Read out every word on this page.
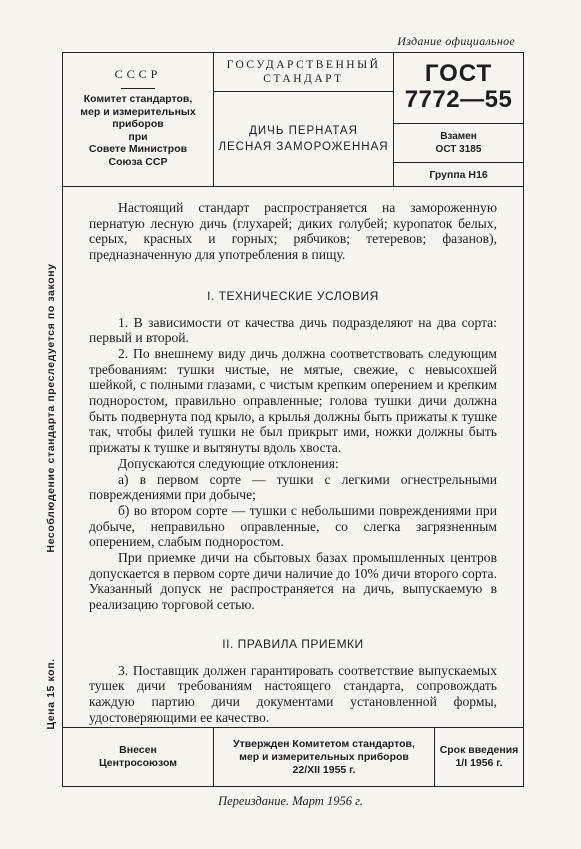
Издание официальное
Несоблюдение стандарта преследуется по закону
Цена 15 коп.
СССР
Комитет стандартов,
мер и измерительных
приборов
при
Совете Министров
Союза ССР
ГОСУДАРСТВЕННЫЙ
СТАНДАРТ
ДИЧЬ ПЕРНАТАЯ
ЛЕСНАЯ ЗАМОРОЖЕННАЯ
ГОСТ
7772—55
Взамен
ОСТ 3185
Группа Н16

Настоящий стандарт распространяется на замороженную пернатую лесную дичь (глухарей; диких голубей; куропаток белых, серых, красных и горных; рябчиков; тетеревов; фазанов), предназначенную для употребления в пищу.

I. ТЕХНИЧЕСКИЕ УСЛОВИЯ

1. В зависимости от качества дичь подразделяют на два сорта: первый и второй.

2. По внешнему виду дичь должна соответствовать следующим требованиям: тушки чистые, не мятые, свежие, с невысохшей шейкой, с полными глазами, с чистым крепким оперением и крепким подноростом, правильно оправленные; голова тушки дичи должна быть подвернута под крыло, а крылья должны быть прижаты к тушке так, чтобы филей тушки не был прикрыт ими, ножки должны быть прижаты к тушке и вытянуты вдоль хвоста.

Допускаются следующие отклонения:

а) в первом сорте — тушки с легкими огнестрельными повреждениями при добыче;

б) во втором сорте — тушки с небольшими повреждениями при добыче, неправильно оправленные, со слегка загрязненным оперением, слабым подноростом.

При приемке дичи на сбытовых базах промышленных центров допускается в первом сорте дичи наличие до 10% дичи второго сорта. Указанный допуск не распространяется на дичь, выпускаемую в реализацию торговой сетью.

II. ПРАВИЛА ПРИЕМКИ

3. Поставщик должен гарантировать соответствие выпускаемых тушек дичи требованиям настоящего стандарта, сопровождать каждую партию дичи документами установленной формы, удостоверяющими ее качество.

Внесен
Центросоюзом
Утвержден Комитетом стандартов,
мер и измерительных приборов
22/XII 1955 г.
Срок введения
1/I 1956 г.
Переиздание. Март 1956 г.
